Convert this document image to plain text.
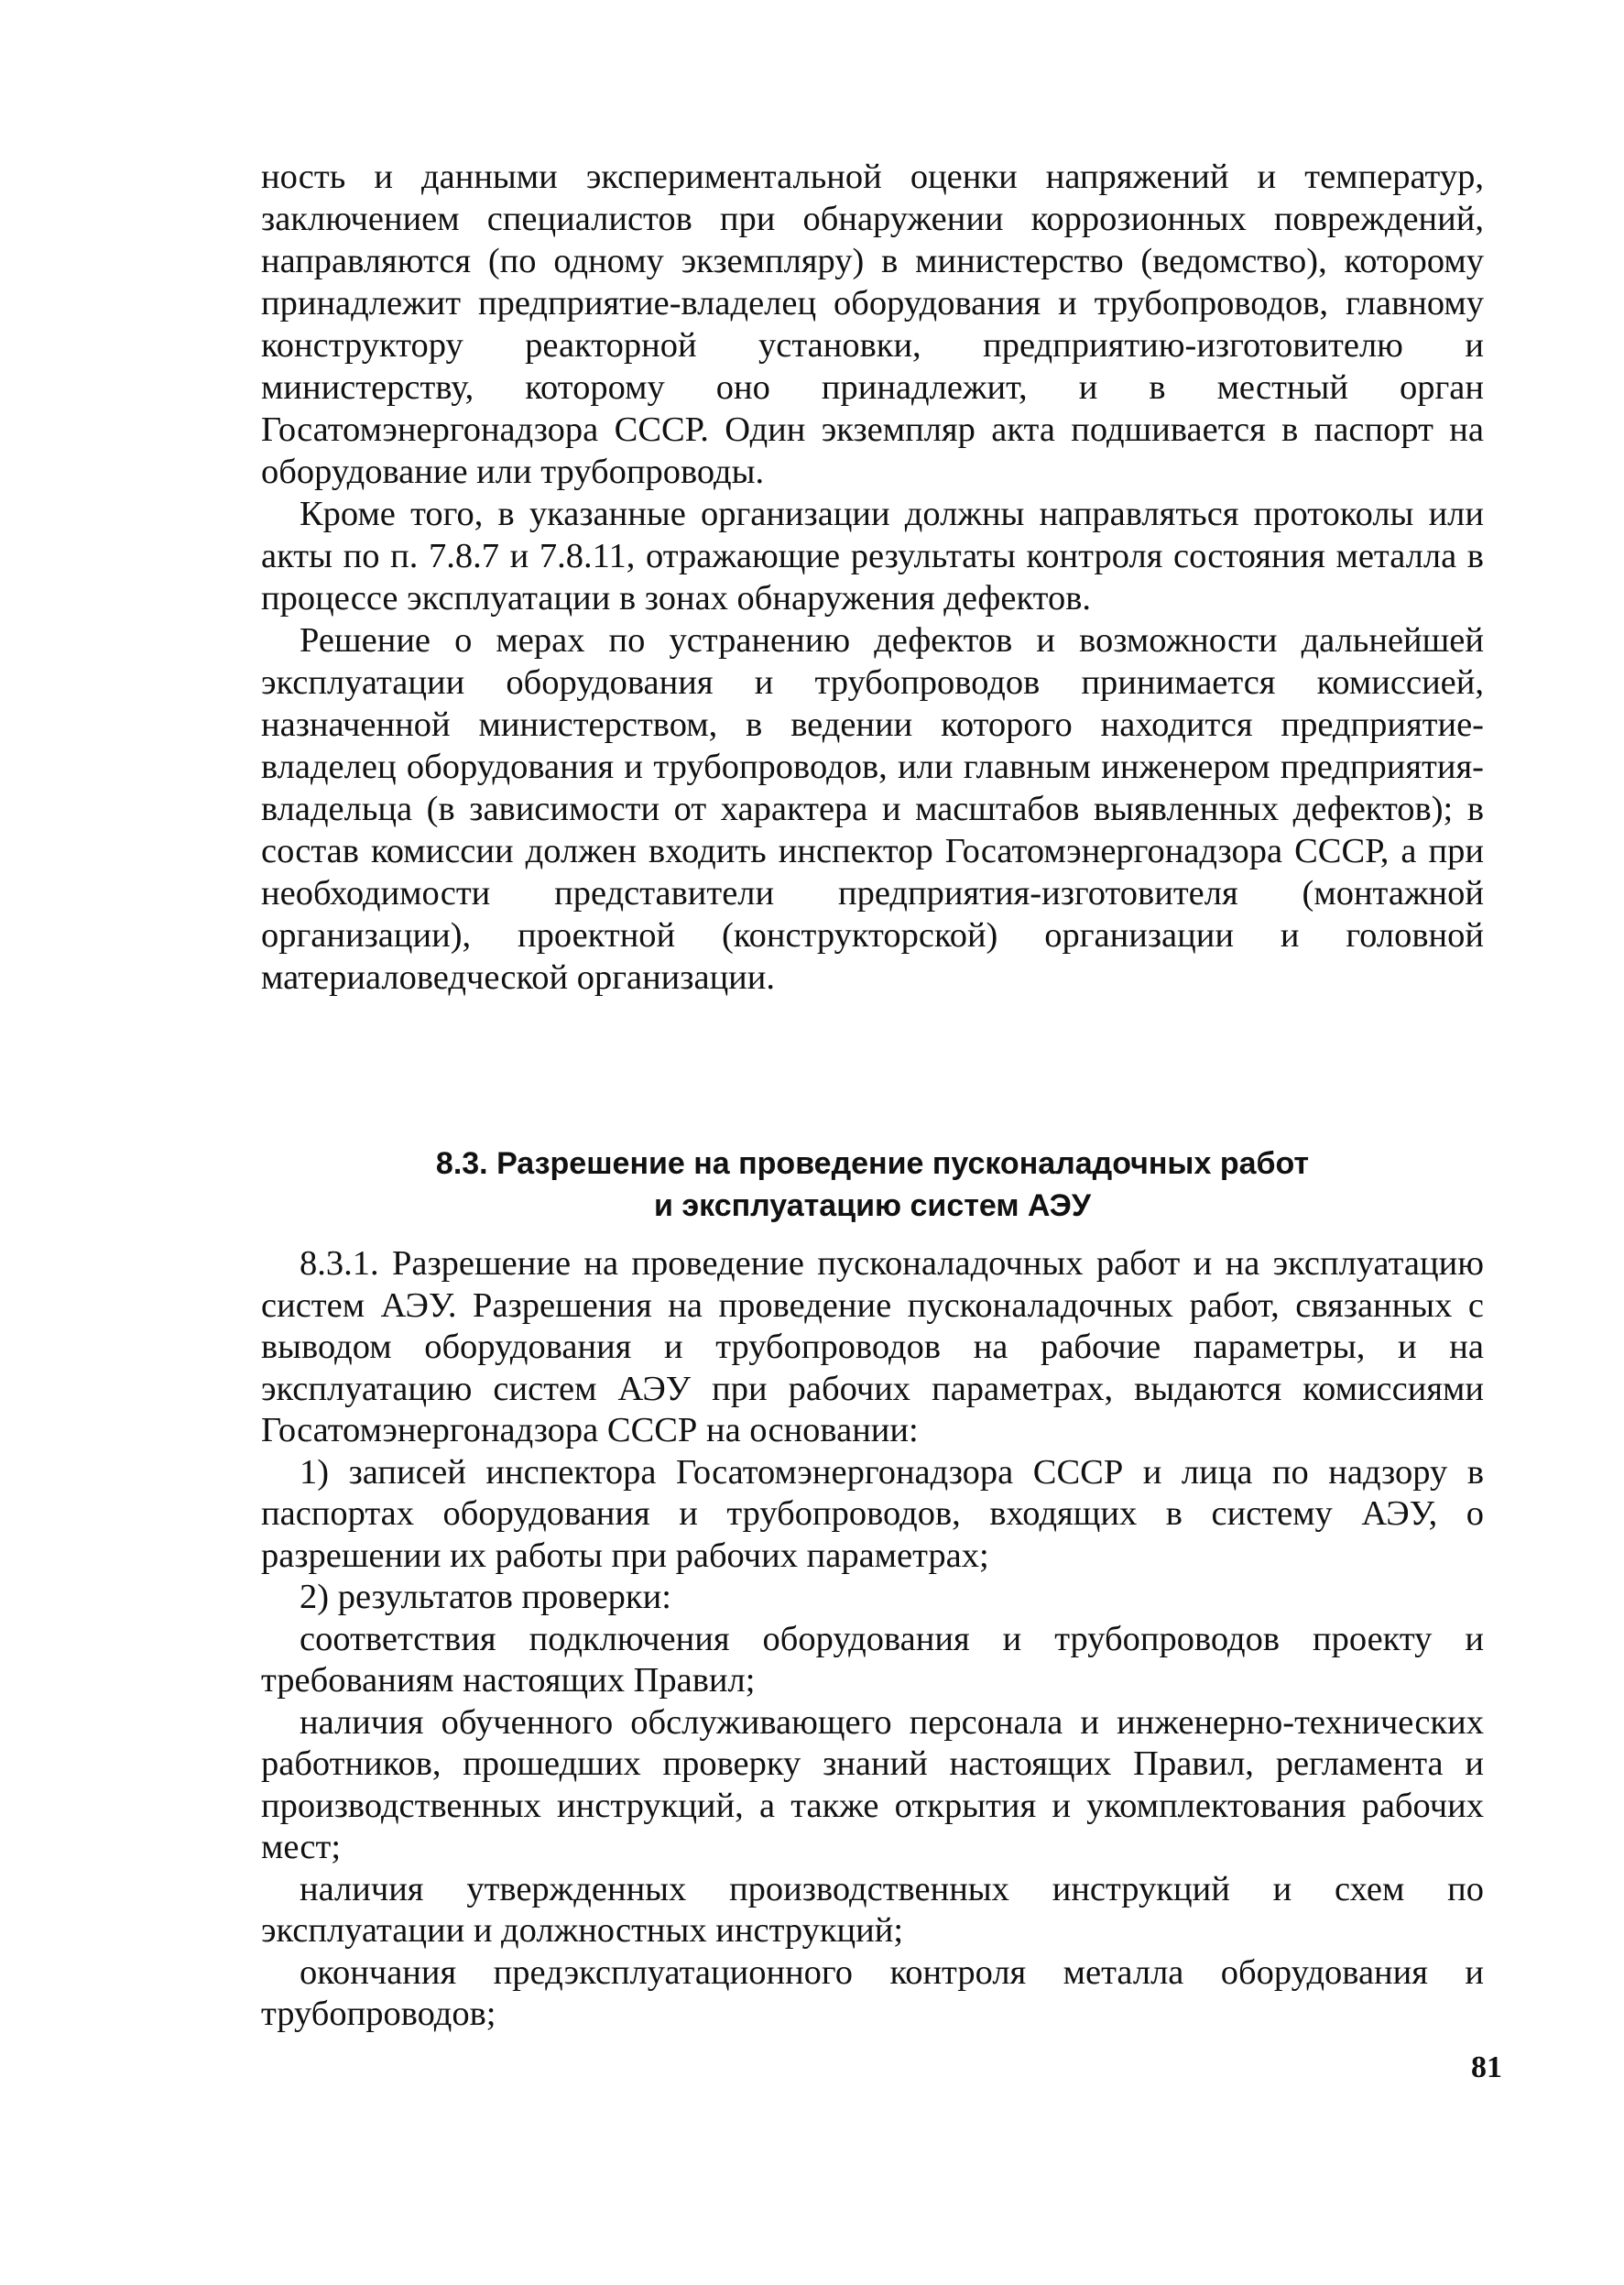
ность и данными экспериментальной оценки напряжений и температур, заключением специалистов при обнаружении коррозионных повреждений, направляются (по одному экземпляру) в министерство (ведомство), которому принадлежит предприятие-владелец оборудования и трубопроводов, главному конструктору реакторной установки, предприятию-изготовителю и министерству, которому оно принадлежит, и в местный орган Госатомэнергонадзора СССР. Один экземпляр акта подшивается в паспорт на оборудование или трубопроводы.

Кроме того, в указанные организации должны направляться протоколы или акты по п. 7.8.7 и 7.8.11, отражающие результаты контроля состояния металла в процессе эксплуатации в зонах обнаружения дефектов.

Решение о мерах по устранению дефектов и возможности дальнейшей эксплуатации оборудования и трубопроводов принимается комиссией, назначенной министерством, в ведении которого находится предприятие-владелец оборудования и трубопроводов, или главным инженером предприятия-владельца (в зависимости от характера и масштабов выявленных дефектов); в состав комиссии должен входить инспектор Госатомэнергонадзора СССР, а при необходимости представители предприятия-изготовителя (монтажной организации), проектной (конструкторской) организации и головной материаловедческой организации.

8.3. Разрешение на проведение пусконаладочных работ
и эксплуатацию систем АЭУ

8.3.1. Разрешение на проведение пусконаладочных работ и на эксплуатацию систем АЭУ. Разрешения на проведение пусконаладочных работ, связанных с выводом оборудования и трубопроводов на рабочие параметры, и на эксплуатацию систем АЭУ при рабочих параметрах, выдаются комиссиями Госатомэнергонадзора СССР на основании:

1) записей инспектора Госатомэнергонадзора СССР и лица по надзору в паспортах оборудования и трубопроводов, входящих в систему АЭУ, о разрешении их работы при рабочих параметрах;

2) результатов проверки:

соответствия подключения оборудования и трубопроводов проекту и требованиям настоящих Правил;

наличия обученного обслуживающего персонала и инженерно-технических работников, прошедших проверку знаний настоящих Правил, регламента и производственных инструкций, а также открытия и укомплектования рабочих мест;

наличия утвержденных производственных инструкций и схем по эксплуатации и должностных инструкций;

окончания предэксплуатационного контроля металла оборудования и трубопроводов;

81
